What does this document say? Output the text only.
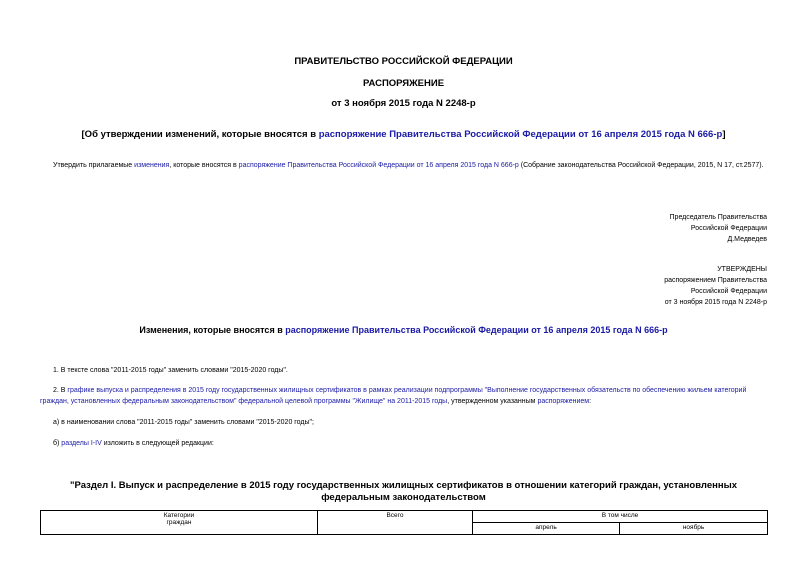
ПРАВИТЕЛЬСТВО РОССИЙСКОЙ ФЕДЕРАЦИИ
РАСПОРЯЖЕНИЕ
от 3 ноября 2015 года N 2248-р
[Об утверждении изменений, которые вносятся в распоряжение Правительства Российской Федерации от 16 апреля 2015 года N 666-р]
Утвердить прилагаемые изменения, которые вносятся в распоряжение Правительства Российской Федерации от 16 апреля 2015 года N 666-р (Собрание законодательства Российской Федерации, 2015, N 17, ст.2577).
Председатель Правительства
Российской Федерации
Д.Медведев
УТВЕРЖДЕНЫ
распоряжением Правительства
Российской Федерации
от 3 ноября 2015 года N 2248-р
Изменения, которые вносятся в распоряжение Правительства Российской Федерации от 16 апреля 2015 года N 666-р
1. В тексте слова "2011-2015 годы" заменить словами "2015-2020 годы".
2. В графике выпуска и распределения в 2015 году государственных жилищных сертификатов в рамках реализации подпрограммы "Выполнение государственных обязательств по обеспечению жильем категорий граждан, установленных федеральным законодательством" федеральной целевой программы "Жилище" на 2011-2015 годы, утвержденном указанным распоряжением:
а) в наименовании слова "2011-2015 годы" заменить словами "2015-2020 годы";
б) разделы I-IV изложить в следующей редакции:
"Раздел I. Выпуск и распределение в 2015 году государственных жилищных сертификатов в отношении категорий граждан, установленных федеральным законодательством
Категории
граждан	Всего	В том числе	
		апрель	ноябрь
